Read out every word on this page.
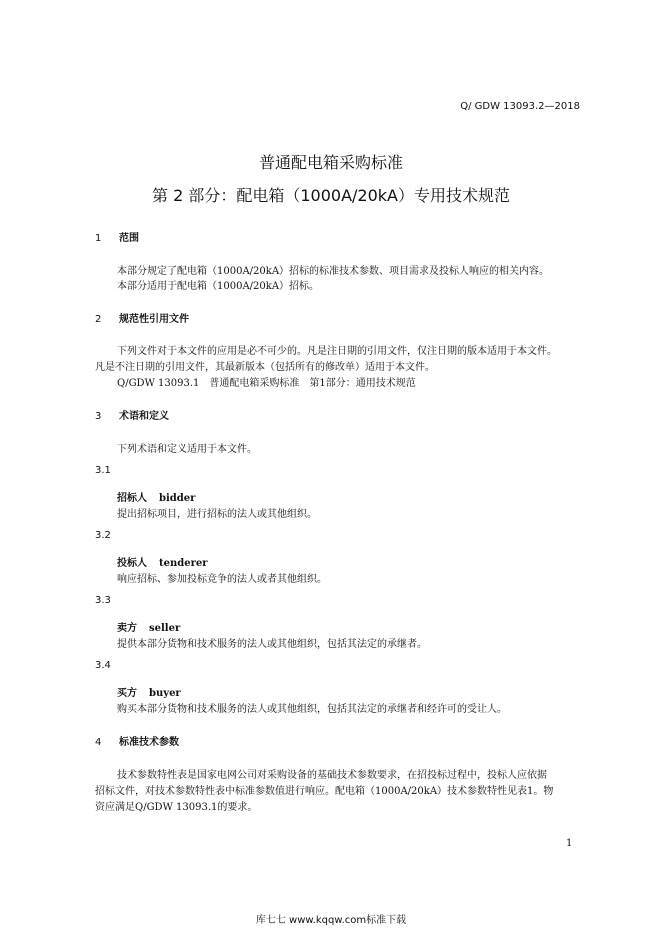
Q/ GDW 13093.2—2018
普通配电箱采购标准
第 2 部分：配电箱（1000A/20kA）专用技术规范
1 范围
本部分规定了配电箱（1000A/20kA）招标的标准技术参数、项目需求及投标人响应的相关内容。
本部分适用于配电箱（1000A/20kA）招标。
2 规范性引用文件
下列文件对于本文件的应用是必不可少的。凡是注日期的引用文件，仅注日期的版本适用于本文件。
凡是不注日期的引用文件，其最新版本（包括所有的修改单）适用于本文件。
Q/GDW 13093.1　普通配电箱采购标准　第1部分：通用技术规范
3 术语和定义
下列术语和定义适用于本文件。
3.1
招标人 bidder
提出招标项目，进行招标的法人或其他组织。
3.2
投标人 tenderer
响应招标、参加投标竞争的法人或者其他组织。
3.3
卖方 seller
提供本部分货物和技术服务的法人或其他组织，包括其法定的承继者。
3.4
买方 buyer
购买本部分货物和技术服务的法人或其他组织，包括其法定的承继者和经许可的受让人。
4 标准技术参数
技术参数特性表是国家电网公司对采购设备的基础技术参数要求，在招投标过程中，投标人应依据
招标文件，对技术参数特性表中标准参数值进行响应。配电箱（1000A/20kA）技术参数特性见表1。物
资应满足Q/GDW 13093.1的要求。
1
库七七 www.kqqw.com标准下载
